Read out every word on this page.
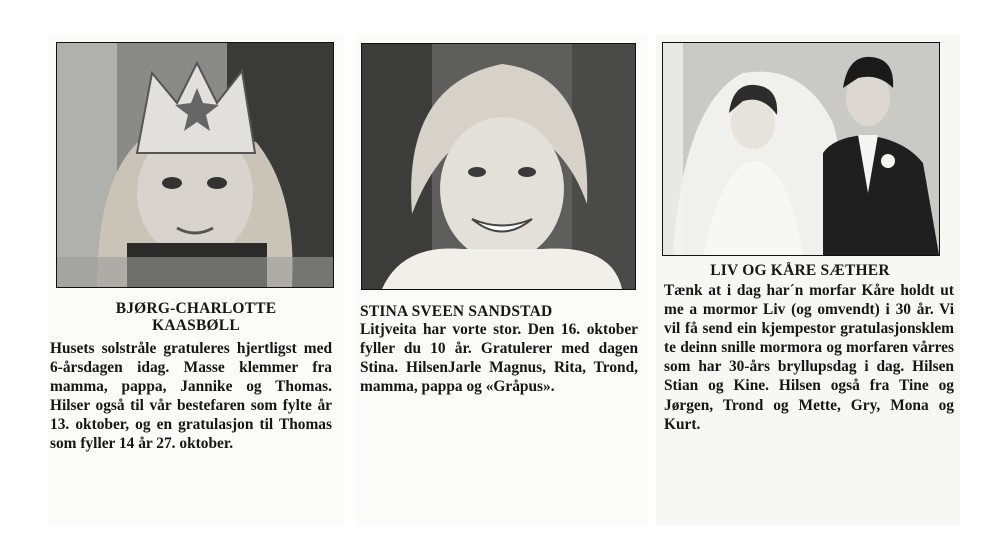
BJØRG-CHARLOTTE
KAASBØLL

Husets solstråle gratuleres hjertligst med 6-årsdagen idag. Masse klemmer fra mamma, pappa, Jannike og Thomas. Hilser også til vår bestefaren som fylte år 13. oktober, og en gratulasjon til Thomas som fyller 14 år 27. oktober.

STINA SVEEN SANDSTAD

Litjveita har vorte stor. Den 16. oktober fyller du 10 år. Gratulerer med dagen Stina. HilsenJarle Magnus, Rita, Trond, mamma, pappa og «Gråpus».

LIV OG KÅRE SÆTHER

Tænk at i dag har´n morfar Kåre holdt ut me a mormor Liv (og omvendt) i 30 år. Vi vil få send ein kjempestor gratulasjonsklem te deinn snille mormora og morfaren vårres som har 30-års bryllupsdag i dag. Hilsen Stian og Kine. Hilsen også fra Tine og Jørgen, Trond og Mette, Gry, Mona og Kurt.
